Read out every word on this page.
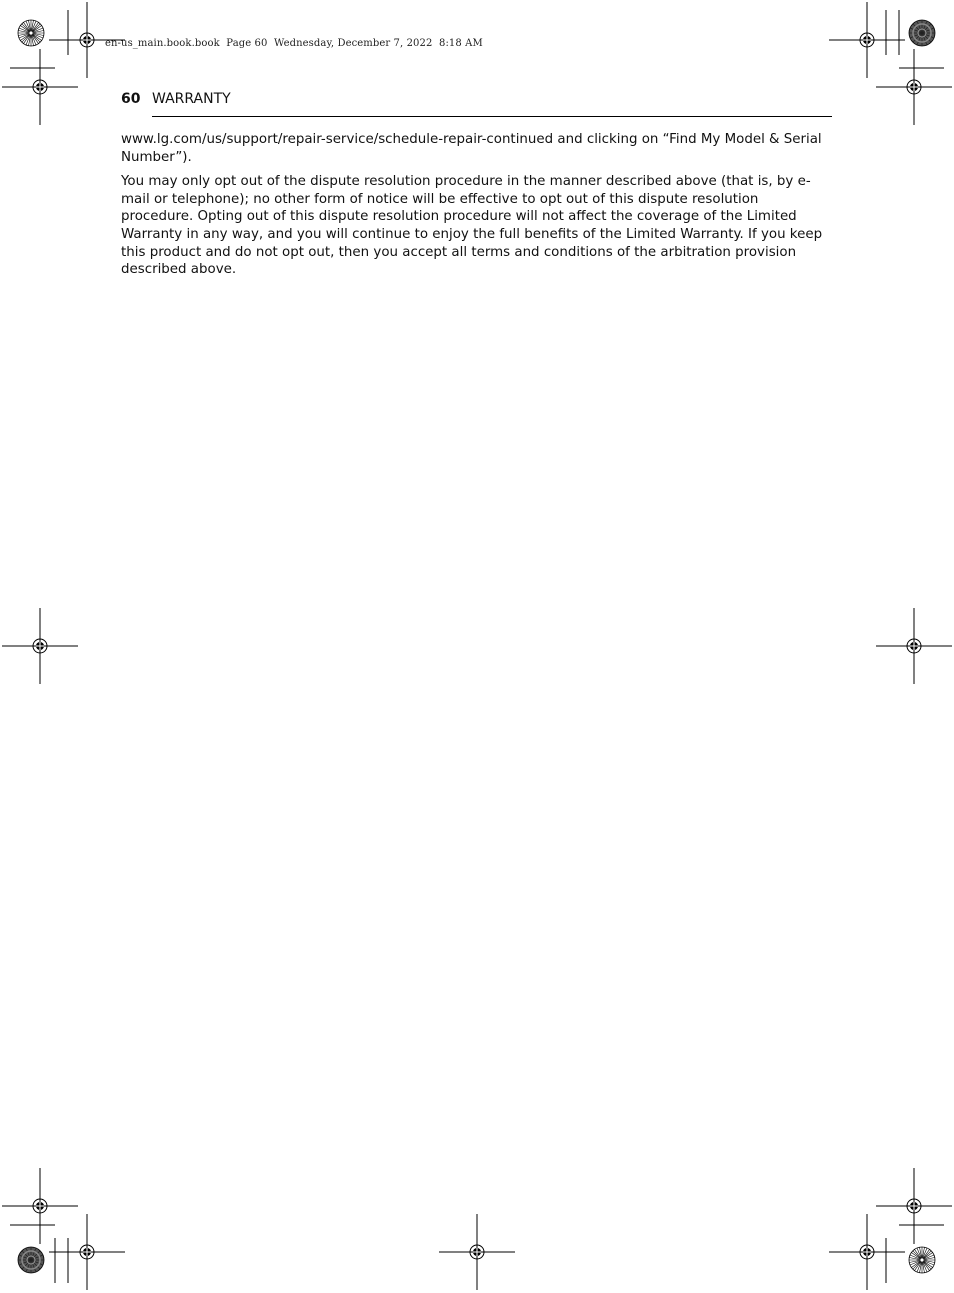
en-us_main.book.book  Page 60  Wednesday, December 7, 2022  8:18 AM
60 WARRANTY

www.lg.com/us/support/repair-service/schedule-repair-continued and clicking on “Find My Model & Serial Number”).

You may only opt out of the dispute resolution procedure in the manner described above (that is, by e-mail or telephone); no other form of notice will be effective to opt out of this dispute resolution procedure. Opting out of this dispute resolution procedure will not affect the coverage of the Limited Warranty in any way, and you will continue to enjoy the full benefits of the Limited Warranty. If you keep this product and do not opt out, then you accept all terms and conditions of the arbitration provision described above.
